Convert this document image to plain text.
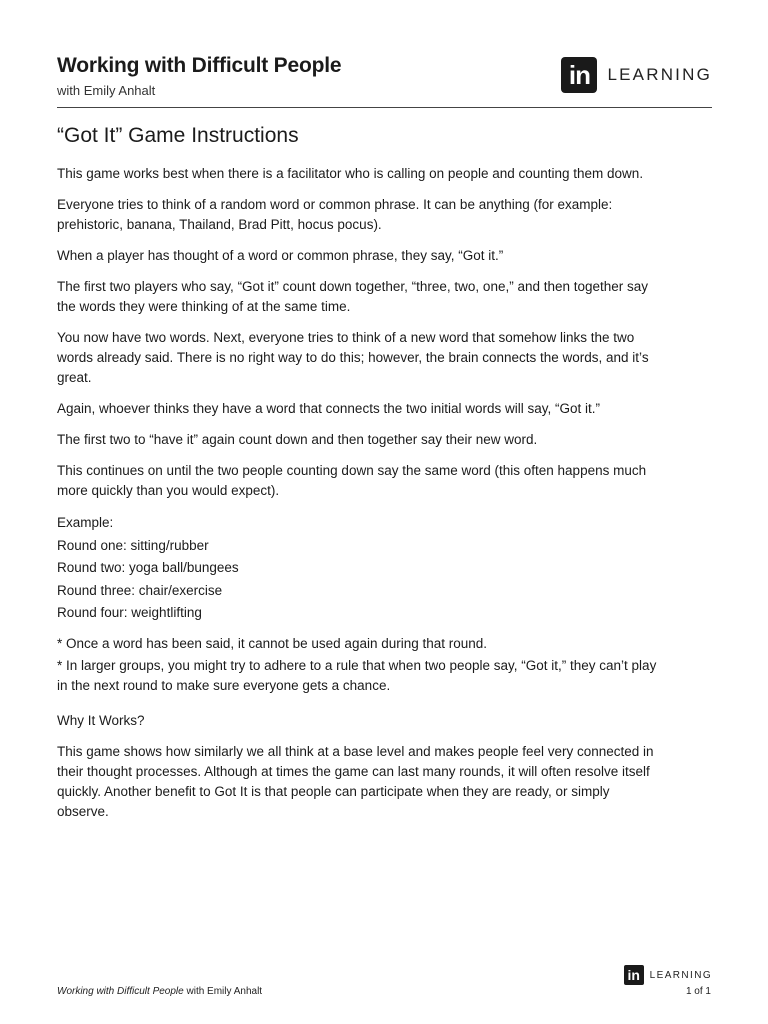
Working with Difficult People
with Emily Anhalt
in	LEARNING
“Got It” Game Instructions

This game works best when there is a facilitator who is calling on people and counting them down.

Everyone tries to think of a random word or common phrase. It can be anything (for example: prehistoric, banana, Thailand, Brad Pitt, hocus pocus).

When a player has thought of a word or common phrase, they say, “Got it.”

The first two players who say, “Got it” count down together, “three, two, one,” and then together say the words they were thinking of at the same time.

You now have two words. Next, everyone tries to think of a new word that somehow links the two words already said. There is no right way to do this; however, the brain connects the words, and it’s great.

Again, whoever thinks they have a word that connects the two initial words will say, “Got it.”

The first two to “have it” again count down and then together say their new word.

This continues on until the two people counting down say the same word (this often happens much more quickly than you would expect).

Example:
Round one: sitting/rubber
Round two: yoga ball/bungees
Round three: chair/exercise
Round four: weightlifting
* Once a word has been said, it cannot be used again during that round.
* In larger groups, you might try to adhere to a rule that when two people say, “Got it,” they can’t play in the next round to make sure everyone gets a chance.

Why It Works?

This game shows how similarly we all think at a base level and makes people feel very connected in their thought processes. Although at times the game can last many rounds, it will often resolve itself quickly. Another benefit to Got It is that people can participate when they are ready, or simply observe.

in LEARNING
Working with Difficult People with Emily Anhalt	1 of 1
